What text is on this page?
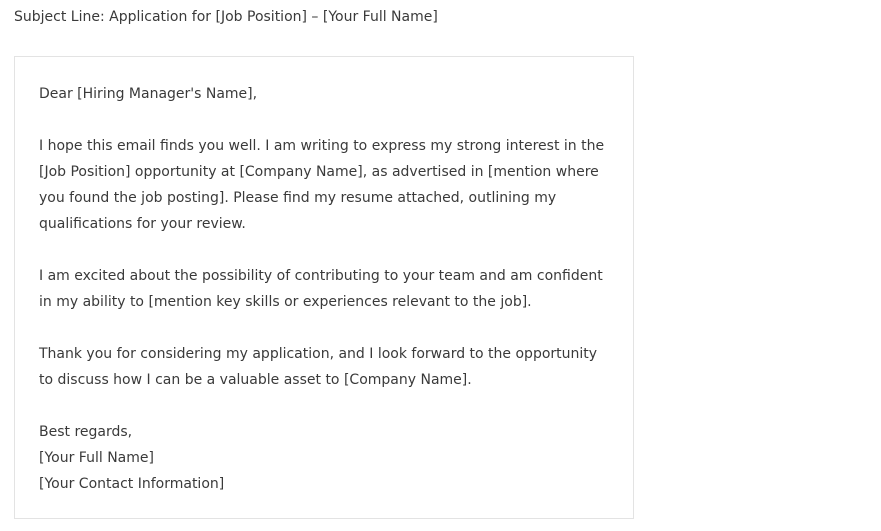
Subject Line: Application for [Job Position] – [Your Full Name]

Dear [Hiring Manager's Name],

I hope this email finds you well. I am writing to express my strong interest in the
[Job Position] opportunity at [Company Name], as advertised in [mention where
you found the job posting]. Please find my resume attached, outlining my
qualifications for your review.

I am excited about the possibility of contributing to your team and am confident
in my ability to [mention key skills or experiences relevant to the job].

Thank you for considering my application, and I look forward to the opportunity
to discuss how I can be a valuable asset to [Company Name].

Best regards,
[Your Full Name]
[Your Contact Information]
